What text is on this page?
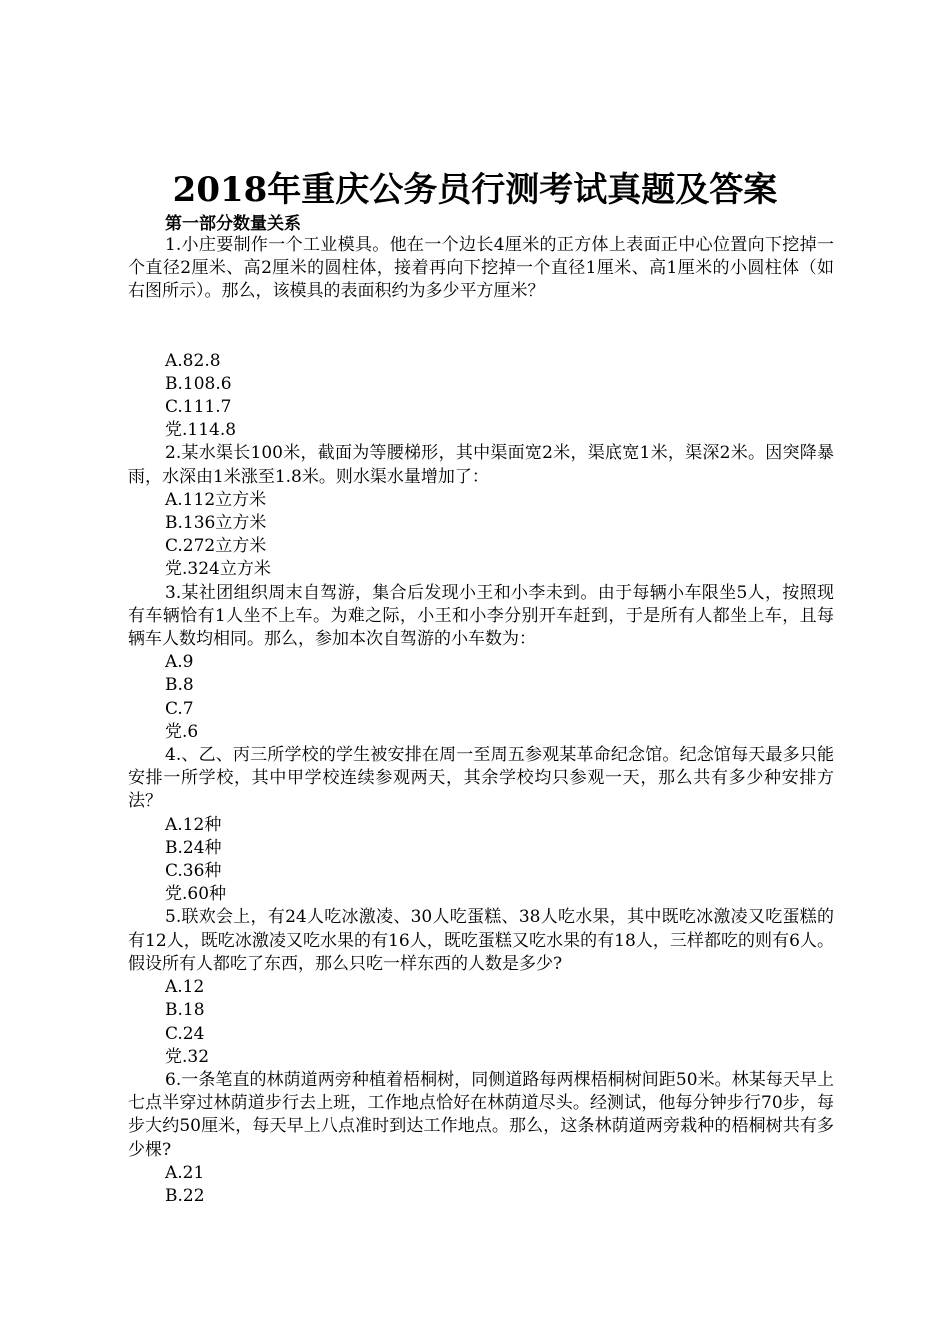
2018年重庆公务员行测考试真题及答案
第一部分数量关系

1.小庄要制作一个工业模具。他在一个边长4厘米的正方体上表面正中心位置向下挖掉一个直径2厘米、高2厘米的圆柱体，接着再向下挖掉一个直径1厘米、高1厘米的小圆柱体（如右图所示）。那么，该模具的表面积约为多少平方厘米？

A.82.8

B.108.6

C.111.7

党.114.8

2.某水渠长100米，截面为等腰梯形，其中渠面宽2米，渠底宽1米，渠深2米。因突降暴雨，水深由1米涨至1.8米。则水渠水量增加了：

A.112立方米

B.136立方米

C.272立方米

党.324立方米

3.某社团组织周末自驾游，集合后发现小王和小李未到。由于每辆小车限坐5人，按照现有车辆恰有1人坐不上车。为难之际，小王和小李分别开车赶到，于是所有人都坐上车，且每辆车人数均相同。那么，参加本次自驾游的小车数为：

A.9

B.8

C.7

党.6

4.、乙、丙三所学校的学生被安排在周一至周五参观某革命纪念馆。纪念馆每天最多只能安排一所学校，其中甲学校连续参观两天，其余学校均只参观一天，那么共有多少种安排方法？

A.12种

B.24种

C.36种

党.60种

5.联欢会上，有24人吃冰激凌、30人吃蛋糕、38人吃水果，其中既吃冰激凌又吃蛋糕的有12人，既吃冰激凌又吃水果的有16人，既吃蛋糕又吃水果的有18人，三样都吃的则有6人。假设所有人都吃了东西，那么只吃一样东西的人数是多少?

A.12

B.18

C.24

党.32

6.一条笔直的林荫道两旁种植着梧桐树，同侧道路每两棵梧桐树间距50米。林某每天早上七点半穿过林荫道步行去上班，工作地点恰好在林荫道尽头。经测试，他每分钟步行70步，每步大约50厘米，每天早上八点准时到达工作地点。那么，这条林荫道两旁栽种的梧桐树共有多少棵?

A.21

B.22
